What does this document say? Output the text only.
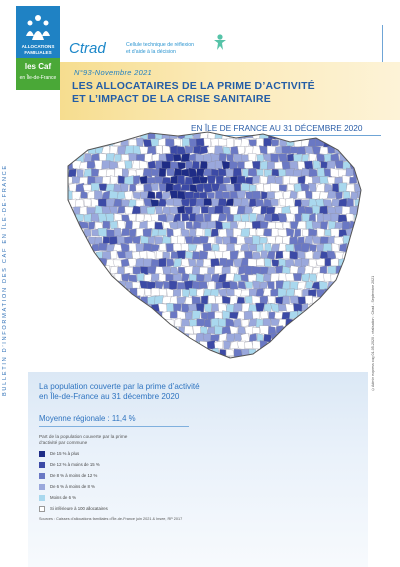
ALLOCATIONS
FAMILIALES
les Caf
en Île-de-France
Ctrad	Cellule technique de réflexion
et d’aide à la décision
N°93-Novembre 2021
LES ALLOCATAIRES DE LA PRIME D’ACTIVITÉ
ET L’IMPACT DE LA CRISE SANITAIRE
BULLETIN D’INFORMATION DES CAF EN ÎLE-DE-FRANCE	©Admin express cog 01-05-2020 - réalisation : Ctrad - Septembre 2021
EN ÎLE DE FRANCE AU 31 DÉCEMBRE 2020
La population couverte par la prime d’activité
en Île-de-France au 31 décembre 2020
Moyenne régionale : 11,4 %
Part de la population couverte par la prime
d’activité par commune
De 15 % à plus
De 12 % à moins de 15 %
De 8 % à moins de 12 %
De 6 % à moins de 8 %
Moins de 6 %
Si inférieure à 100 allocataires
Sources : Caisses d’allocations familiales d’Île-de-France juin 2021 & Insee, RP 2017
